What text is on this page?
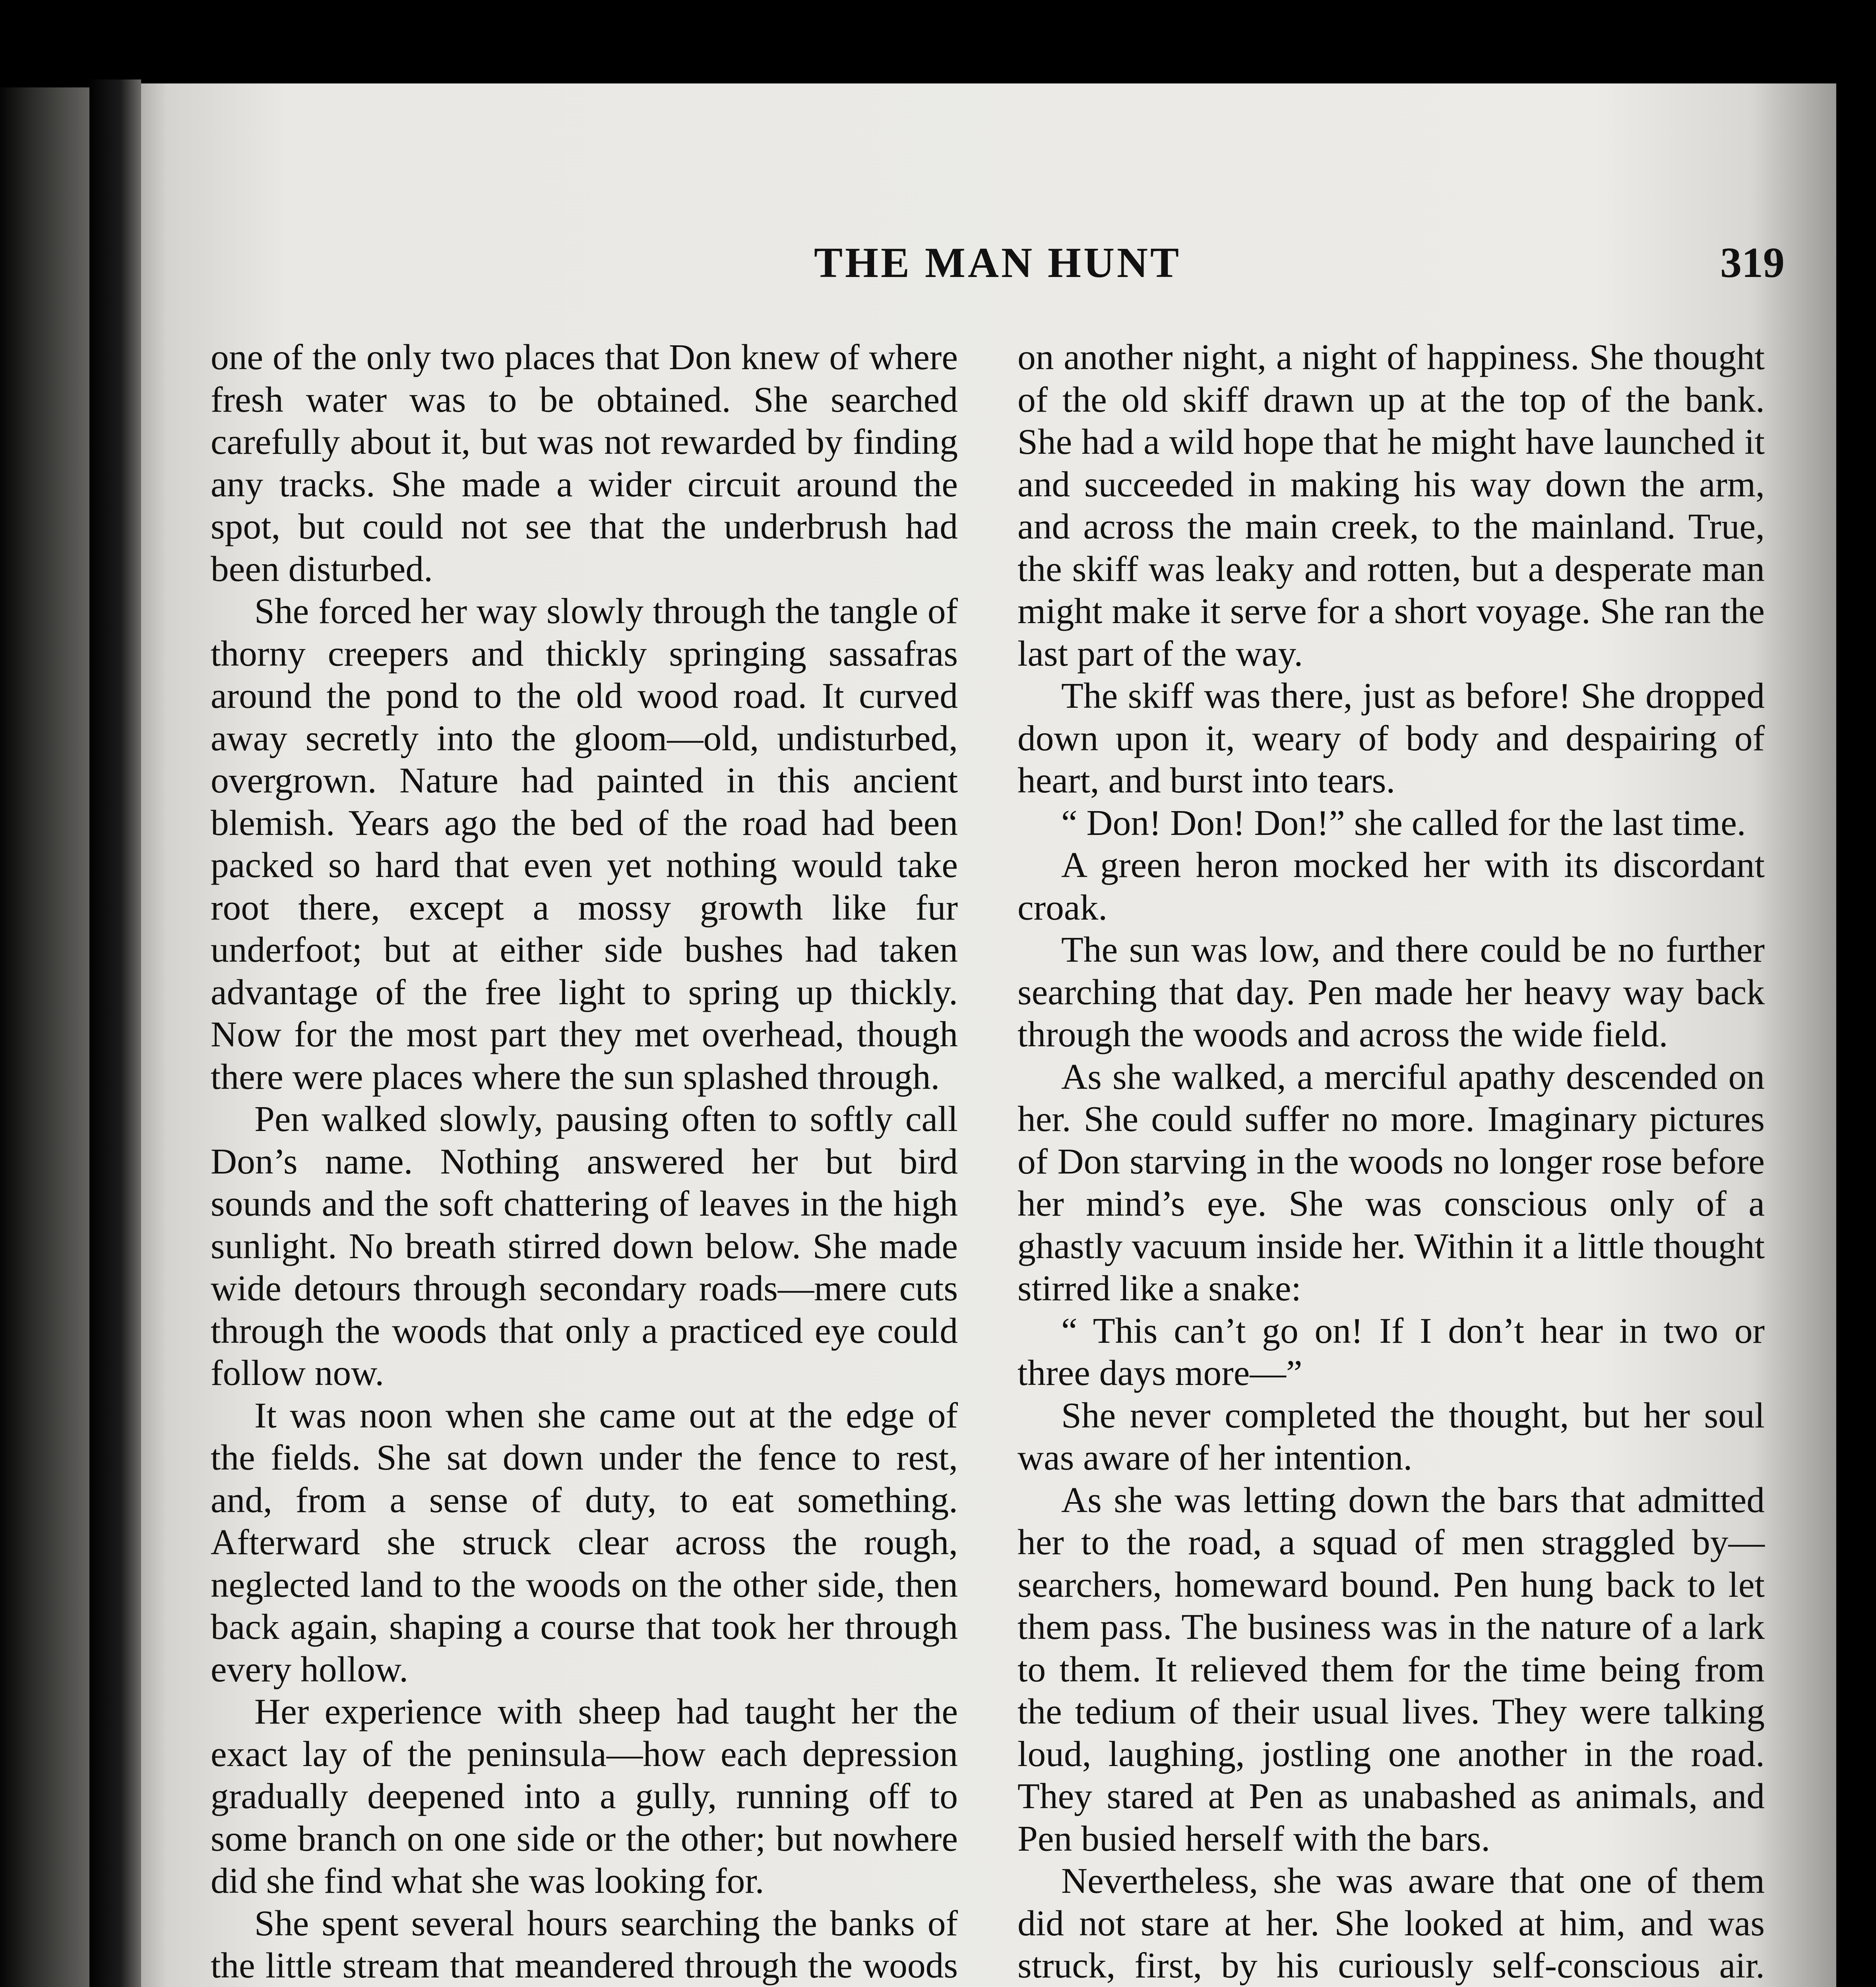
THE MAN HUNT	319

one of the only two places that Don knew of where fresh water was to be obtained. She searched carefully about it, but was not rewarded by finding any tracks. She made a wider circuit around the spot, but could not see that the underbrush had been disturbed.

She forced her way slowly through the tangle of thorny creepers and thickly springing sassafras around the pond to the old wood road. It curved away secretly into the gloom—old, undisturbed, overgrown. Nature had painted in this ancient blemish. Years ago the bed of the road had been packed so hard that even yet nothing would take root there, except a mossy growth like fur underfoot; but at either side bushes had taken advantage of the free light to spring up thickly. Now for the most part they met overhead, though there were places where the sun splashed through.

Pen walked slowly, pausing often to softly call Don’s name. Nothing answered her but bird sounds and the soft chattering of leaves in the high sunlight. No breath stirred down below. She made wide detours through secondary roads—mere cuts through the woods that only a practiced eye could follow now.

It was noon when she came out at the edge of the fields. She sat down under the fence to rest, and, from a sense of duty, to eat something. Afterward she struck clear across the rough, neglected land to the woods on the other side, then back again, shaping a course that took her through every hollow.

Her experience with sheep had taught her the exact lay of the peninsula—how each depression gradually deepened into a gully, running off to some branch on one side or the other; but nowhere did she find what she was looking for.

She spent several hours searching the banks of the little stream that meandered through the woods

on another night, a night of happiness. She thought of the old skiff drawn up at the top of the bank. She had a wild hope that he might have launched it and succeeded in making his way down the arm, and across the main creek, to the mainland. True, the skiff was leaky and rotten, but a desperate man might make it serve for a short voyage. She ran the last part of the way.

The skiff was there, just as before! She dropped down upon it, weary of body and despairing of heart, and burst into tears.

“ Don! Don! Don!” she called for the last time.

A green heron mocked her with its discordant croak.

The sun was low, and there could be no further searching that day. Pen made her heavy way back through the woods and across the wide field.

As she walked, a merciful apathy descended on her. She could suffer no more. Imaginary pictures of Don starving in the woods no longer rose before her mind’s eye. She was conscious only of a ghastly vacuum inside her. Within it a little thought stirred like a snake:

“ This can’t go on! If I don’t hear in two or three days more—”

She never completed the thought, but her soul was aware of her intention.

As she was letting down the bars that admitted her to the road, a squad of men straggled by—searchers, homeward bound. Pen hung back to let them pass. The business was in the nature of a lark to them. It relieved them for the time being from the tedium of their usual lives. They were talking loud, laughing, jostling one another in the road. They stared at Pen as unabashed as animals, and Pen busied herself with the bars.

Nevertheless, she was aware that one of them did not stare at her. She looked at him, and was struck, first, by his curiously self-conscious air.
